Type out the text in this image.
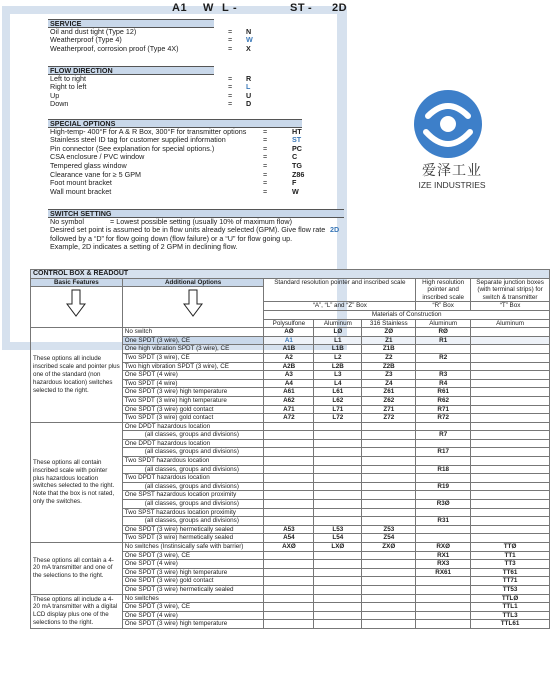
A1 W L -	ST - 2D
SERVICE
Oil and dust tight (Type 12)	= N
Weatherproof (Type 4)	= W
Weatherproof, corrosion proof (Type 4X)	= X
FLOW DIRECTION
Left to right	= R
Right to left	= L
Up	= U
Down	= D
SPECIAL OPTIONS
High-temp- 400°F for A & R Box, 300°F for transmitter options =	HT
Stainless steel ID tag for customer supplied information	=	ST
Pin connector (See explanation for special options.)	=	PC
CSA enclosure / PVC window	=	C
Tempered glass window	=	TG
Clearance vane for ≥ 5 GPM	=	Z86
Foot mount bracket	=	F
Wall mount bracket	=	W
SWITCH SETTING
No symbol	= Lowest possible setting (usually 10% of maximum flow)
Desired set point is assumed to be in flow units already selected (GPM). Give flow rate 2D
followed by a “D” for flow going down (flow failure) or a “U” for flow going up.
Example, 2D indicates a setting of 2 GPM in declining flow.
爱泽工业
IZE INDUSTRIES
CONTROL BOX & READOUT						
Basic Features	Additional Options	Standard resolution pointer and inscribed scale			High resolution pointer and inscribed scale	Separate junction boxes (with terminal strips) for switch & transmitter

		“A”, “L” and “Z” Box			“R” Box	“T” Box
		Materials of Construction				
		Polysulfone	Aluminum	316 Stainless	Aluminum	Aluminum
These options all include inscribed scale and pointer plus one of the standard (non hazardous location) switches selected to the right.	No switch	AØ	LØ	ZØ	RØ	
	One SPDT (3 wire), CE	A1	L1	Z1	R1	
	One high vibration SPDT (3 wire), CE	A1B	L1B	Z1B		
	Two SPDT (3 wire), CE	A2	L2	Z2	R2	
	Two high vibration SPDT (3 wire), CE	A2B	L2B	Z2B		
	One SPDT (4 wire)	A3	L3	Z3	R3	
	Two SPDT (4 wire)	A4	L4	Z4	R4	
	One SPDT (3 wire) high temperature	A61	L61	Z61	R61	
	Two SPDT (3 wire) high temperature	A62	L62	Z62	R62	
	One SPDT (3 wire) gold contact	A71	L71	Z71	R71	
	Two SPDT (3 wire) gold contact	A72	L72	Z72	R72	
These options all contain inscribed scale with pointer plus hazardous location switches selected to the right. Note that the box is not rated, only the switches.	One DPDT hazardous location					
	(all classes, groups and divisions)				R7	
	One DPDT hazardous location					
	(all classes, groups and divisions)				R17	
	Two SPDT hazardous location					
	(all classes, groups and divisions)				R18	
	Two DPDT hazardous location					
	(all classes, groups and divisions)				R19	
	One SPST hazardous location proximity					
	(all classes, groups and divisions)				R3Ø	
	Two SPST hazardous location proximity					
	(all classes, groups and divisions)				R31	
	One SPDT (3 wire) hermetically sealed	A53	L53	Z53		
	Two SPDT (3 wire) hermetically sealed	A54	L54	Z54		
These options all contain a 4-20 mA transmitter and one of the selections to the right.	No switches (Instinsically safe with barrier)	AXØ	LXØ	ZXØ	RXØ	TTØ
	One SPDT (3 wire), CE				RX1	TT1
	One SPDT (4 wire)				RX3	TT3
	One SPDT (3 wire) high temperature				RX61	TT61
	One SPDT (3 wire) gold contact					TT71
	One SPDT (3 wire) hermetically sealed					TT53
These options all include a 4-20 mA transmitter with a digital LCD display plus one of the selections to the right.	No switches					TTLØ
	One SPDT (3 wire), CE					TTL1
	One SPDT (4 wire)					TTL3
	One SPDT (3 wire) high temperature					TTL61
